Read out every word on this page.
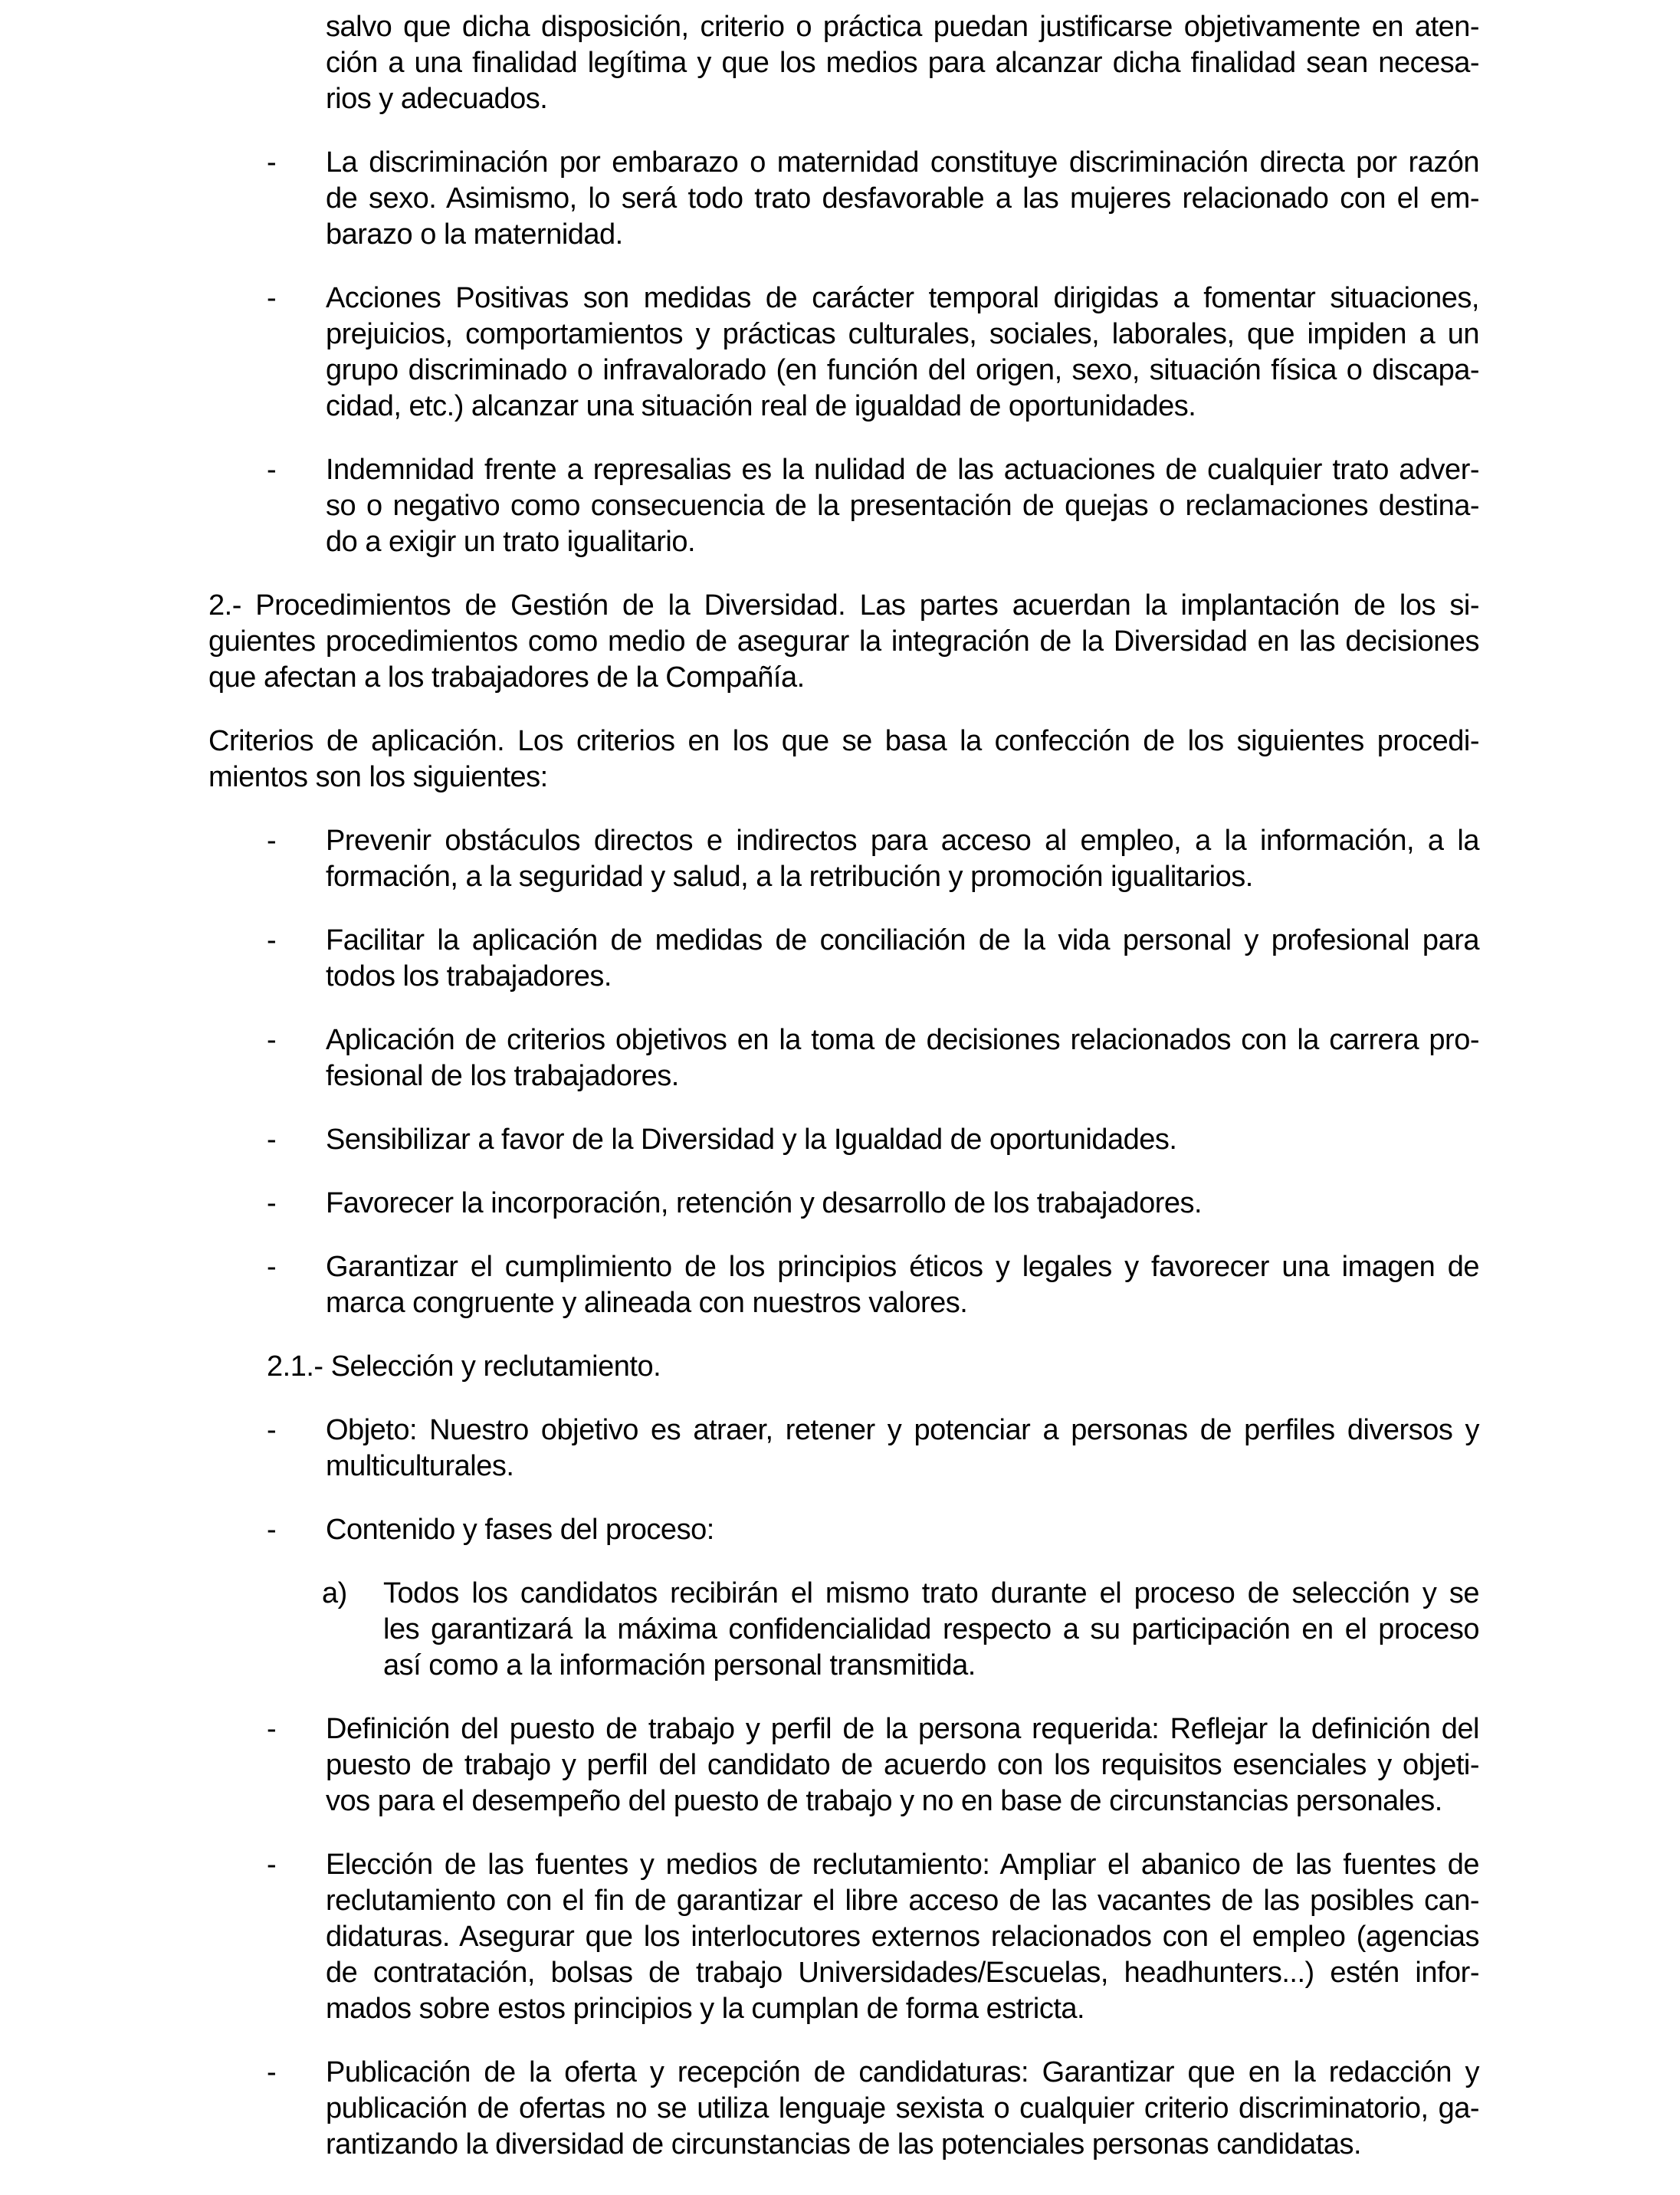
salvo que dicha disposición, criterio o práctica puedan justificarse objetivamente en aten-
ción a una finalidad legítima y que los medios para alcanzar dicha finalidad sean necesa-
rios y adecuados.
-	La discriminación por embarazo o maternidad constituye discriminación directa por razón
de sexo. Asimismo, lo será todo trato desfavorable a las mujeres relacionado con el em-
barazo o la maternidad.
-	Acciones Positivas son medidas de carácter temporal dirigidas a fomentar situaciones,
prejuicios, comportamientos y prácticas culturales, sociales, laborales, que impiden a un
grupo discriminado o infravalorado (en función del origen, sexo, situación física o discapa-
cidad, etc.) alcanzar una situación real de igualdad de oportunidades.
-	Indemnidad frente a represalias es la nulidad de las actuaciones de cualquier trato adver-
so o negativo como consecuencia de la presentación de quejas o reclamaciones destina-
do a exigir un trato igualitario.
2.- Procedimientos de Gestión de la Diversidad. Las partes acuerdan la implantación de los si-
guientes procedimientos como medio de asegurar la integración de la Diversidad en las decisiones
que afectan a los trabajadores de la Compañía.
Criterios de aplicación. Los criterios en los que se basa la confección de los siguientes procedi-
mientos son los siguientes:
-	Prevenir obstáculos directos e indirectos para acceso al empleo, a la información, a la
formación, a la seguridad y salud, a la retribución y promoción igualitarios.
-	Facilitar la aplicación de medidas de conciliación de la vida personal y profesional para
todos los trabajadores.
-	Aplicación de criterios objetivos en la toma de decisiones relacionados con la carrera pro-
fesional de los trabajadores.
-	Sensibilizar a favor de la Diversidad y la Igualdad de oportunidades.
-	Favorecer la incorporación, retención y desarrollo de los trabajadores.
-	Garantizar el cumplimiento de los principios éticos y legales y favorecer una imagen de
marca congruente y alineada con nuestros valores.
2.1.- Selección y reclutamiento.
-	Objeto: Nuestro objetivo es atraer, retener y potenciar a personas de perfiles diversos y
multiculturales.
-	Contenido y fases del proceso:
a)	Todos los candidatos recibirán el mismo trato durante el proceso de selección y se
les garantizará la máxima confidencialidad respecto a su participación en el proceso
así como a la información personal transmitida.
-	Definición del puesto de trabajo y perfil de la persona requerida: Reflejar la definición del
puesto de trabajo y perfil del candidato de acuerdo con los requisitos esenciales y objeti-
vos para el desempeño del puesto de trabajo y no en base de circunstancias personales.
-	Elección de las fuentes y medios de reclutamiento: Ampliar el abanico de las fuentes de
reclutamiento con el fin de garantizar el libre acceso de las vacantes de las posibles can-
didaturas. Asegurar que los interlocutores externos relacionados con el empleo (agencias
de contratación, bolsas de trabajo Universidades/Escuelas, headhunters...) estén infor-
mados sobre estos principios y la cumplan de forma estricta.
-	Publicación de la oferta y recepción de candidaturas: Garantizar que en la redacción y
publicación de ofertas no se utiliza lenguaje sexista o cualquier criterio discriminatorio, ga-
rantizando la diversidad de circunstancias de las potenciales personas candidatas.
